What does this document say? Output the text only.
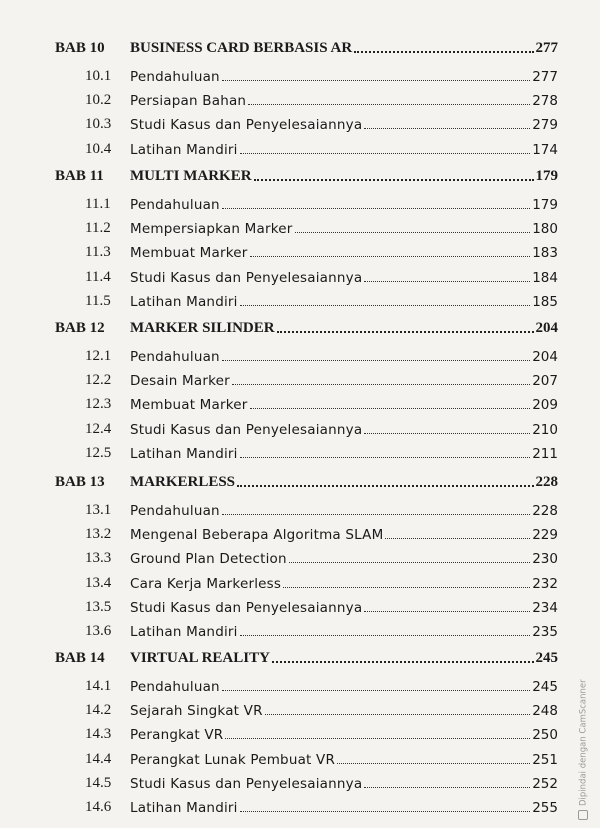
BAB 10 BUSINESS CARD BERBASIS AR	277
10.1 Pendahuluan	277
10.2 Persiapan Bahan	278
10.3 Studi Kasus dan Penyelesaiannya	279
10.4 Latihan Mandiri	174
BAB 11 MULTI MARKER	179
11.1 Pendahuluan	179
11.2 Mempersiapkan Marker	180
11.3 Membuat Marker	183
11.4 Studi Kasus dan Penyelesaiannya	184
11.5 Latihan Mandiri	185
BAB 12 MARKER SILINDER	204
12.1 Pendahuluan	204
12.2 Desain Marker	207
12.3 Membuat Marker	209
12.4 Studi Kasus dan Penyelesaiannya	210
12.5 Latihan Mandiri	211
BAB 13 MARKERLESS	228
13.1 Pendahuluan	228
13.2 Mengenal Beberapa Algoritma SLAM	229
13.3 Ground Plan Detection	230
13.4 Cara Kerja Markerless	232
13.5 Studi Kasus dan Penyelesaiannya	234
13.6 Latihan Mandiri	235
BAB 14 VIRTUAL REALITY	245
14.1 Pendahuluan	245
14.2 Sejarah Singkat VR	248
14.3 Perangkat VR	250
14.4 Perangkat Lunak Pembuat VR	251
14.5 Studi Kasus dan Penyelesaiannya	252
14.6 Latihan Mandiri	255
Dipindai dengan CamScanner
